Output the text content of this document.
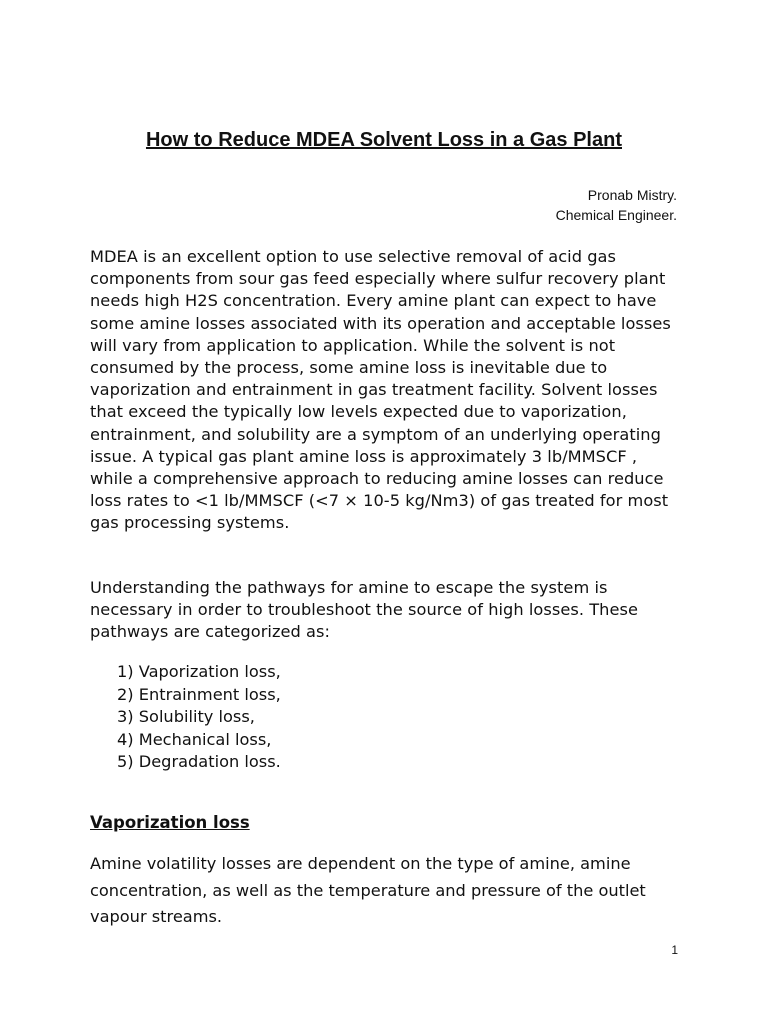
How to Reduce MDEA Solvent Loss in a Gas Plant
Pronab Mistry.
Chemical Engineer.

MDEA is an excellent option to use selective removal of acid gas components from sour gas feed especially where sulfur recovery plant needs high H2S concentration. Every amine plant can expect to have some amine losses associated with its operation and acceptable losses will vary from application to application. While the solvent is not consumed by the process, some amine loss is inevitable due to vaporization and entrainment in gas treatment facility. Solvent losses that exceed the typically low levels expected due to vaporization, entrainment, and solubility are a symptom of an underlying operating issue. A typical gas plant amine loss is approximately 3 lb/MMSCF , while a comprehensive approach to reducing amine losses can reduce loss rates to <1 lb/MMSCF (<7 × 10-5 kg/Nm3) of gas treated for most gas processing systems.

Understanding the pathways for amine to escape the system is necessary in order to troubleshoot the source of high losses. These pathways are categorized as:

1) Vaporization loss,
2) Entrainment loss,
3) Solubility loss,
4) Mechanical loss,
5) Degradation loss.
Vaporization loss

Amine volatility losses are dependent on the type of amine, amine concentration, as well as the temperature and pressure of the outlet vapour streams.

1
